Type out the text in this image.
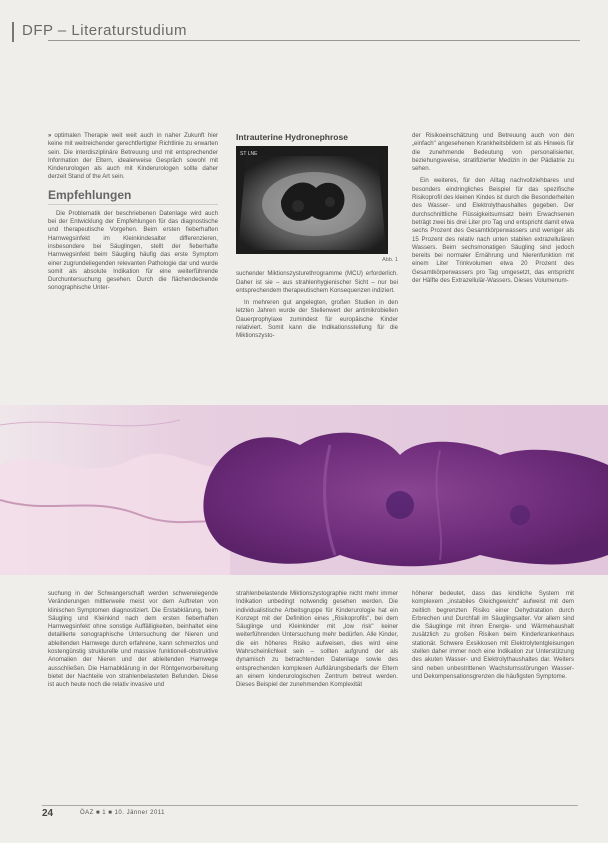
DFP – Literaturstudium

» optimalen Therapie weit weit auch in naher Zukunft hier keine mit weitreichender gerechtfertigter Richtlinie zu erwarten sein. Die interdisziplinäre Betreuung und mit entsprechender Information der Eltern, idealerweise Gespräch sowohl mit Kinderurologen als auch mit Kinderurologen sollte daher derzeit Stand of the Art sein.

Empfehlungen

Die Problematik der beschriebenen Datenlage wird auch bei der Entwicklung der Empfehlungen für das diagnostische und therapeutische Vorgehen. Beim ersten fieberhaften Harnwegsinfekt im Kleinkindesalter differenzieren, insbesondere bei Säuglingen, stellt der fieberhafte Harnwegsinfekt beim Säugling häufig das erste Symptom einer zugrundeliegenden relevanten Pathologie dar und wurde somit als absolute Indikation für eine weiterführende Durchuntersuchung gesehen. Durch die flächendeckende sonographische Unter-

Intrauterine Hydronephrose
ST LNE
Abb. 1

suchender Miktionszysturethrogramme (MCU) erforderlich. Daher ist sie – aus strahlenhygienischer Sicht – nur bei entsprechendem therapeutischem Konsequenzen indiziert.

In mehreren gut angelegten, großen Studien in den letzten Jahren wurde der Stellenwert der antimikrobiellen Dauerprophylaxe zumindest für europäische Kinder relativiert. Somit kann die Indikationsstellung für die Miktionszysto-

der Risikoeinschätzung und Betreuung auch von den „einfach" angesehenen Krankheitsbildern ist als Hinweis für die zunehmende Bedeutung von personalisierter, beziehungsweise, stratifizierter Medizin in der Pädiatrie zu sehen.

Ein weiteres, für den Alltag nachvollziehbares und besonders eindringliches Beispiel für das spezifische Risikoprofil des kleinen Kindes ist durch die Besonderheiten des Wasser- und Elektrolythaushaltes gegeben. Der durchschnittliche Flüssigkeitsumsatz beim Erwachsenen beträgt zwei bis drei Liter pro Tag und entspricht damit etwa sechs Prozent des Gesamtkörperwassers und weniger als 15 Prozent des relativ nach unten stabilen extrazellulären Wassers. Beim sechsmonatigen Säugling sind jedoch bereits bei normaler Ernährung und Nierenfunktion mit einem Liter Trinkvolumen etwa 20 Prozent des Gesamtkörperwassers pro Tag umgesetzt, das entspricht der Hälfte des Extrazellulär-Wassers. Dieses Volumenum-

suchung in der Schwangerschaft werden schwerwiegende Veränderungen mittlerweile meist vor dem Auftreten von klinischen Symptomen diagnostiziert. Die Erstabklärung, beim Säugling und Kleinkind nach dem ersten fieberhaften Harnwegsinfekt ohne sonstige Auffälligkeiten, beinhaltet eine detaillierte sonographische Untersuchung der Nieren und ableitenden Harnwege durch erfahrene, kann schmerzlos und kostengünstig strukturelle und massive funktionell-obstruktive Anomalien der Nieren und der ableitenden Harnwege ausschließen. Die Harnabklärung in der Röntgenvorbereitung bietet der Nachteile von strahlenbelasteten Befunden. Diese ist auch heute noch die relativ invasive und

strahlenbelastende Miktionszystographie nicht mehr immer Indikation unbedingt notwendig gesehen werden. Die individualistische Arbeitsgruppe für Kinderurologie hat ein Konzept mit der Definition eines „Risikoprofils", bei dem Säuglinge und Kleinkinder mit „low risk" keiner weiterführenden Untersuchung mehr bedürfen. Alle Kinder, die ein höheres Risiko aufweisen, dies wird eine Wahrscheinlichkeit sein – sollten aufgrund der als dynamisch zu betrachtenden Datenlage sowie des entsprechenden komplexen Aufklärungsbedarfs der Eltern an einem kinderurologischen Zentrum betreut werden. Dieses Beispiel der zunehmenden Komplexität

höherer bedeutet, dass das kindliche System mit komplexem „instabiles Gleichgewicht" aufweist mit dem zeitlich begrenzten Risiko einer Dehydratation durch Erbrechen und Durchfall im Säuglingsalter. Vor allem sind die Säuglinge mit ihren Energie- und Wärmehaushalt zusätzlich zu großen Risiken beim Kinderkrankenhaus stationär. Schwere Exsikkosen mit Elektrolytentgleisungen stellen daher immer noch eine Indikation zur Unterstützung des akuten Wasser- und Elektrolythaushaltes dar. Weiters sind neben unbestrittenen Wachstumsstörungen Wasser- und Dekompensationsgrenzen die häufigsten Symptome.

24	ÖAZ ■ 1 ■ 10. Jänner 2011
